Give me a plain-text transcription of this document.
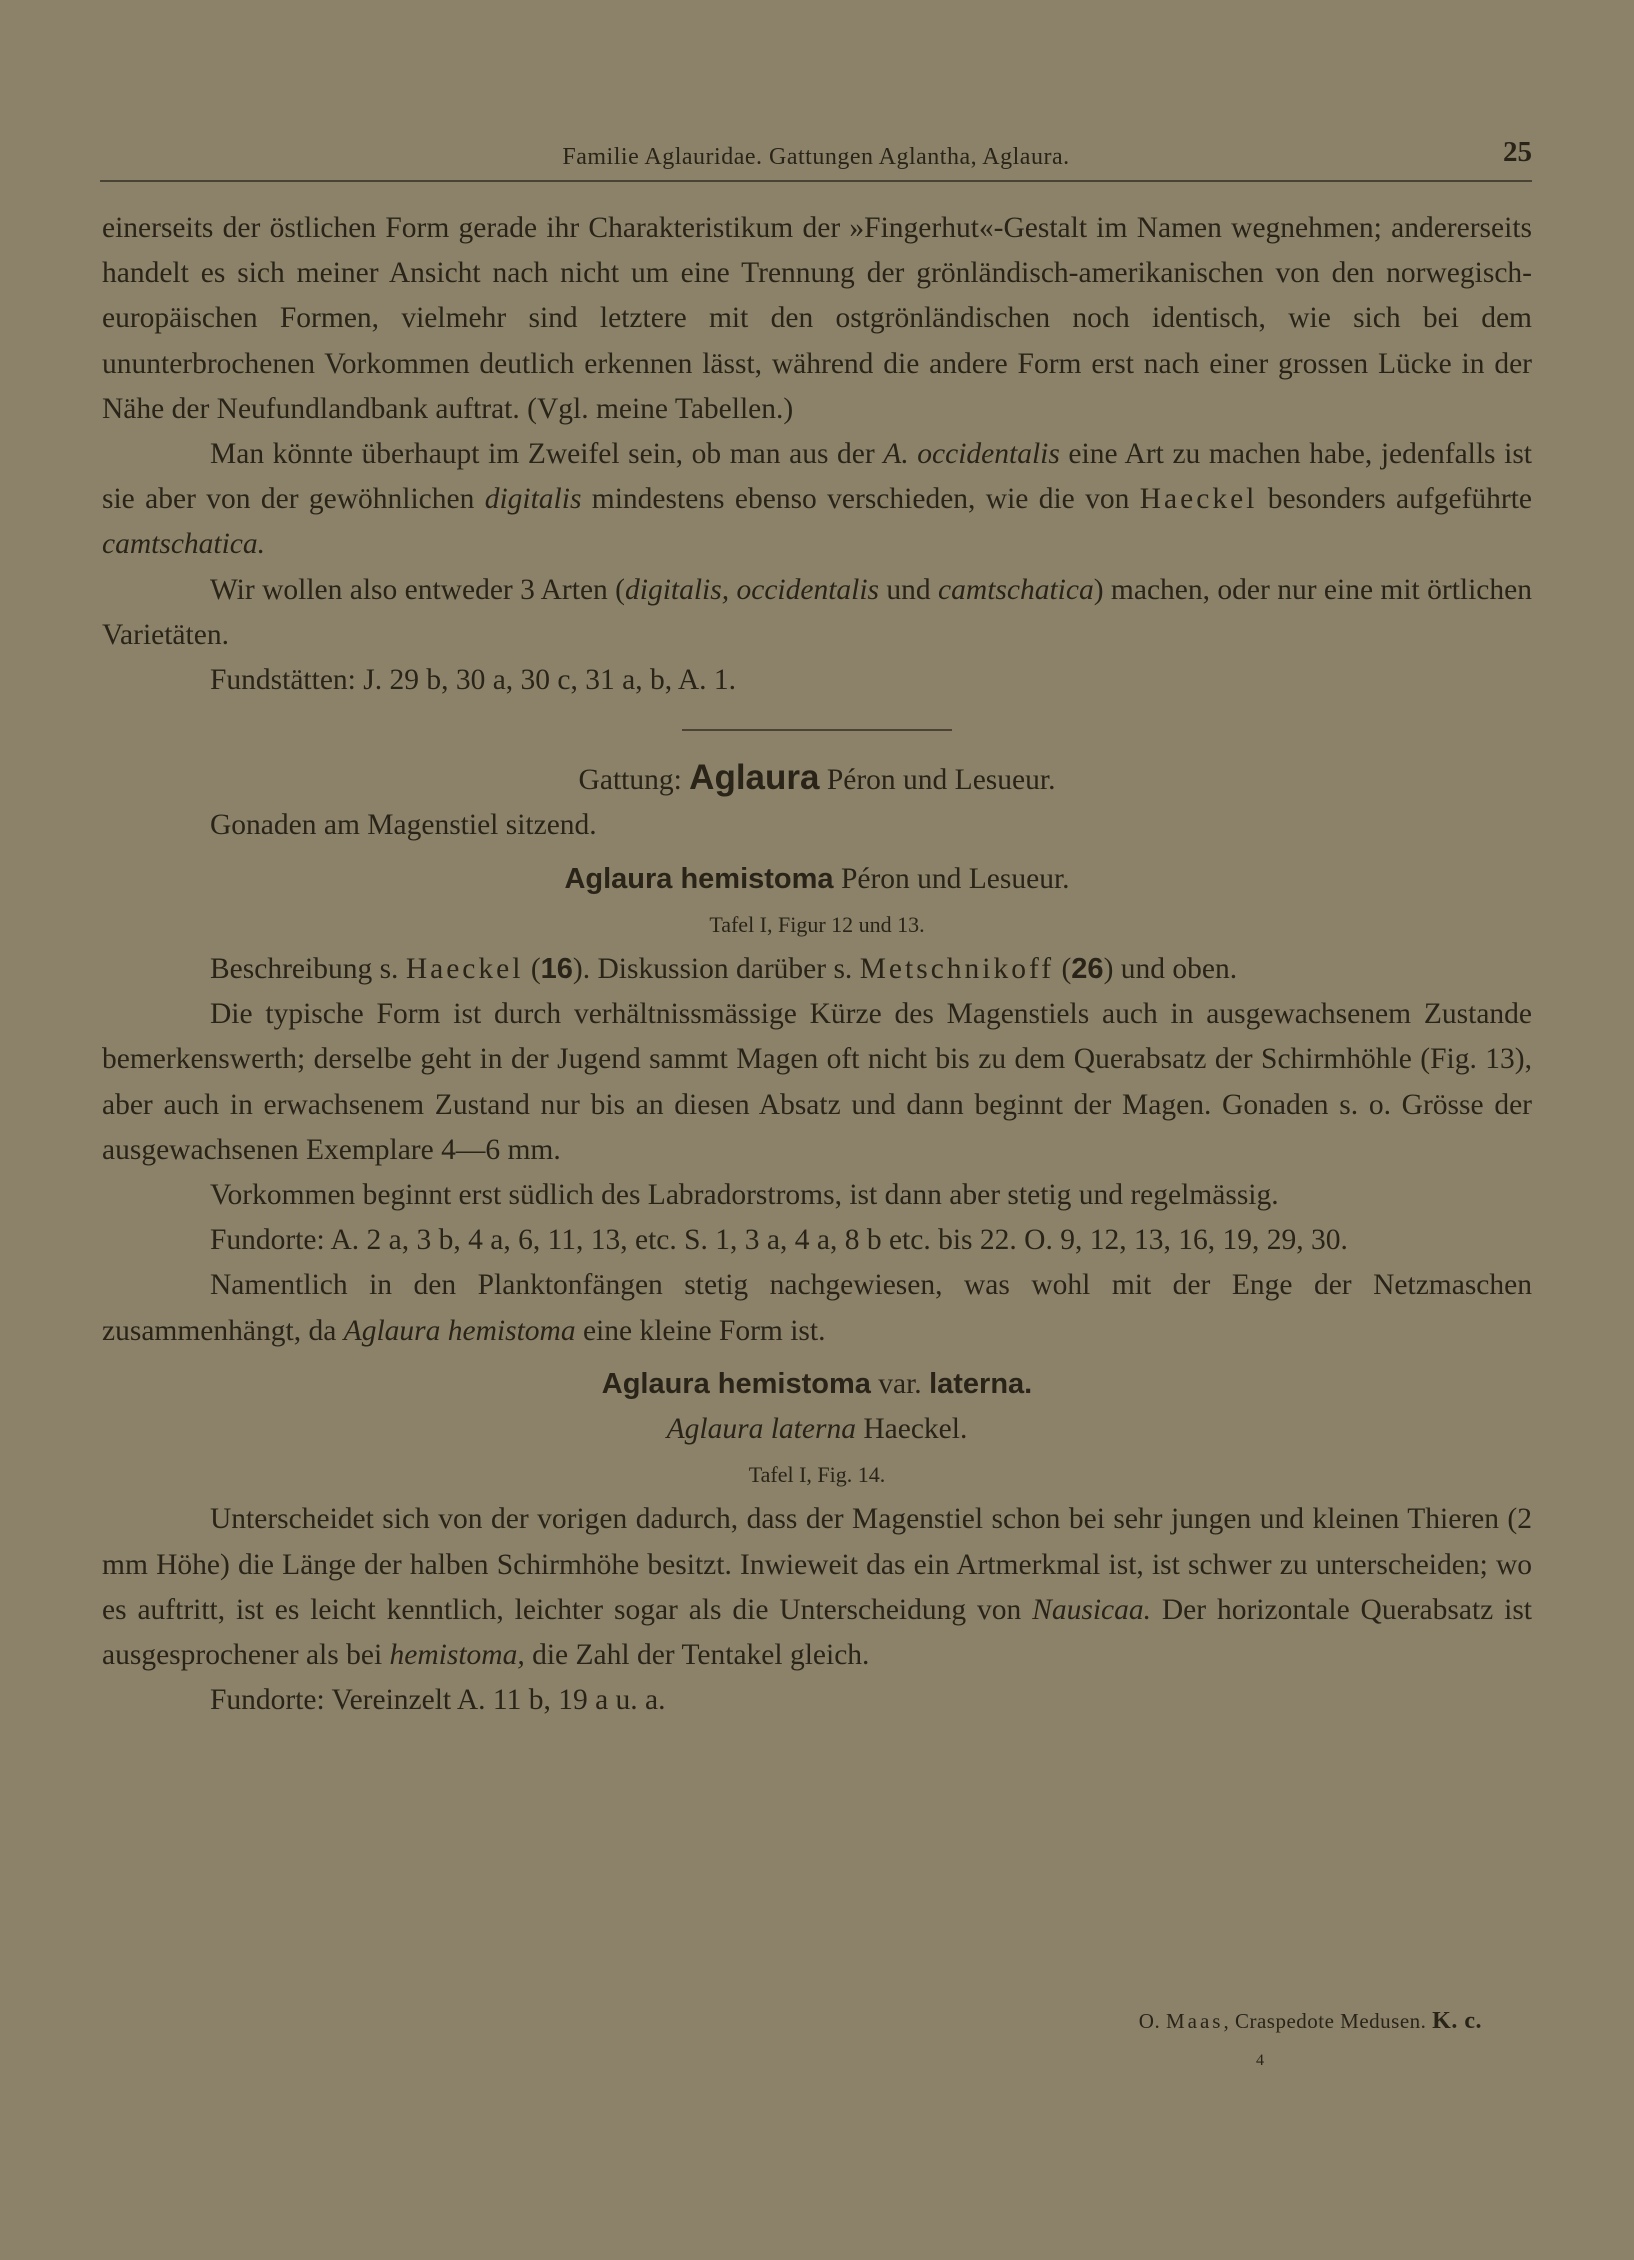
Familie Aglauridae. Gattungen Aglantha, Aglaura.	25

einerseits der östlichen Form gerade ihr Charakteristikum der »Fingerhut«-Gestalt im Namen wegnehmen; andererseits handelt es sich meiner Ansicht nach nicht um eine Trennung der grönländisch-amerikanischen von den norwegisch-europäischen Formen, vielmehr sind letztere mit den ostgrönländischen noch identisch, wie sich bei dem ununterbrochenen Vorkommen deutlich erkennen lässt, während die andere Form erst nach einer grossen Lücke in der Nähe der Neufundlandbank auftrat. (Vgl. meine Tabellen.)

Man könnte überhaupt im Zweifel sein, ob man aus der A. occidentalis eine Art zu machen habe, jedenfalls ist sie aber von der gewöhnlichen digitalis mindestens ebenso verschieden, wie die von Haeckel besonders aufgeführte camtschatica.

Wir wollen also entweder 3 Arten (digitalis, occidentalis und camtschatica) machen, oder nur eine mit örtlichen Varietäten.

Fundstätten: J. 29 b, 30 a, 30 c, 31 a, b, A. 1.

Gattung: Aglaura Péron und Lesueur.

Gonaden am Magenstiel sitzend.

Aglaura hemistoma Péron und Lesueur.

Tafel I, Figur 12 und 13.

Beschreibung s. Haeckel (16). Diskussion darüber s. Metschnikoff (26) und oben.

Die typische Form ist durch verhältnissmässige Kürze des Magenstiels auch in ausgewachsenem Zustande bemerkenswerth; derselbe geht in der Jugend sammt Magen oft nicht bis zu dem Querabsatz der Schirmhöhle (Fig. 13), aber auch in erwachsenem Zustand nur bis an diesen Absatz und dann beginnt der Magen. Gonaden s. o. Grösse der ausgewachsenen Exemplare 4—6 mm.

Vorkommen beginnt erst südlich des Labradorstroms, ist dann aber stetig und regelmässig.

Fundorte: A. 2 a, 3 b, 4 a, 6, 11, 13, etc. S. 1, 3 a, 4 a, 8 b etc. bis 22. O. 9, 12, 13, 16, 19, 29, 30.

Namentlich in den Planktonfängen stetig nachgewiesen, was wohl mit der Enge der Netzmaschen zusammenhängt, da Aglaura hemistoma eine kleine Form ist.

Aglaura hemistoma var. laterna.

Aglaura laterna Haeckel.

Tafel I, Fig. 14.

Unterscheidet sich von der vorigen dadurch, dass der Magenstiel schon bei sehr jungen und kleinen Thieren (2 mm Höhe) die Länge der halben Schirmhöhe besitzt. Inwieweit das ein Artmerkmal ist, ist schwer zu unterscheiden; wo es auftritt, ist es leicht kenntlich, leichter sogar als die Unterscheidung von Nausicaa. Der horizontale Querabsatz ist ausgesprochener als bei hemistoma, die Zahl der Tentakel gleich.

Fundorte: Vereinzelt A. 11 b, 19 a u. a.

O. Maas, Craspedote Medusen. K. c.
4
